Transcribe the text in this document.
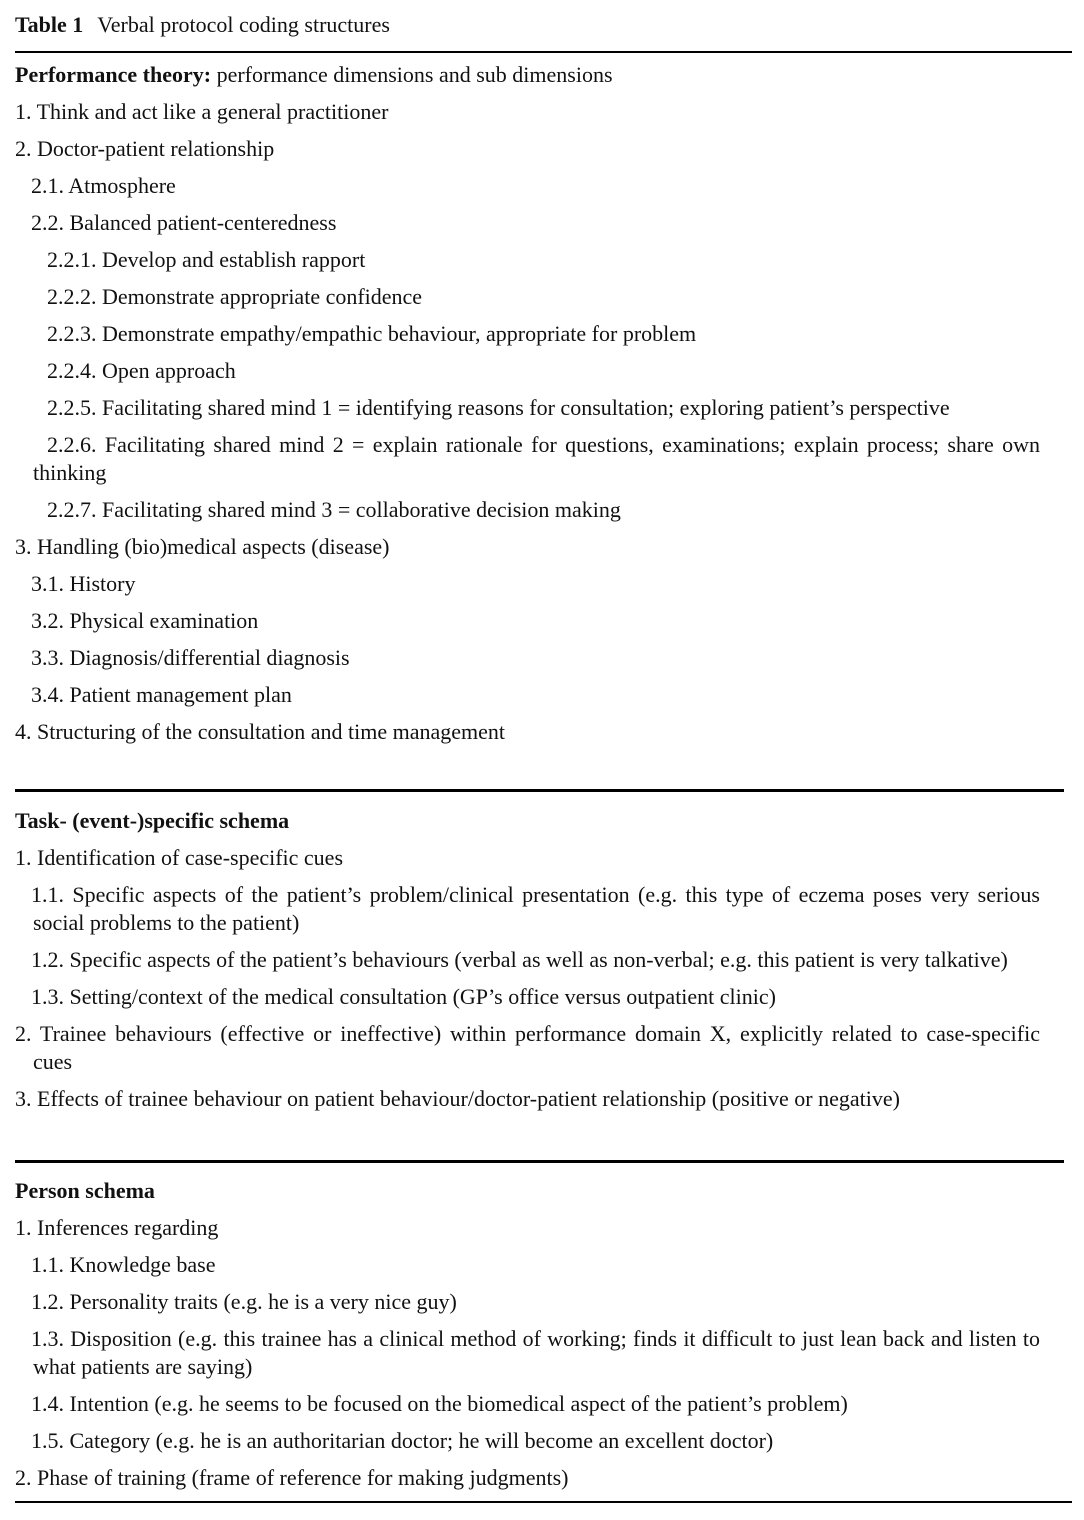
Table 1 Verbal protocol coding structures
Performance theory: performance dimensions and sub dimensions
1. Think and act like a general practitioner
2. Doctor-patient relationship
2.1. Atmosphere
2.2. Balanced patient-centeredness
2.2.1. Develop and establish rapport
2.2.2. Demonstrate appropriate confidence
2.2.3. Demonstrate empathy/empathic behaviour, appropriate for problem
2.2.4. Open approach
2.2.5. Facilitating shared mind 1 = identifying reasons for consultation; exploring patient’s perspective
2.2.6. Facilitating shared mind 2 = explain rationale for questions, examinations; explain process; share own thinking
2.2.7. Facilitating shared mind 3 = collaborative decision making
3. Handling (bio)medical aspects (disease)
3.1. History
3.2. Physical examination
3.3. Diagnosis/differential diagnosis
3.4. Patient management plan
4. Structuring of the consultation and time management
Task- (event-)specific schema
1. Identification of case-specific cues
1.1. Specific aspects of the patient’s problem/clinical presentation (e.g. this type of eczema poses very serious social problems to the patient)
1.2. Specific aspects of the patient’s behaviours (verbal as well as non-verbal; e.g. this patient is very talkative)
1.3. Setting/context of the medical consultation (GP’s office versus outpatient clinic)
2. Trainee behaviours (effective or ineffective) within performance domain X, explicitly related to case-specific cues
3. Effects of trainee behaviour on patient behaviour/doctor-patient relationship (positive or negative)
Person schema
1. Inferences regarding
1.1. Knowledge base
1.2. Personality traits (e.g. he is a very nice guy)
1.3. Disposition (e.g. this trainee has a clinical method of working; finds it difficult to just lean back and listen to what patients are saying)
1.4. Intention (e.g. he seems to be focused on the biomedical aspect of the patient’s problem)
1.5. Category (e.g. he is an authoritarian doctor; he will become an excellent doctor)
2. Phase of training (frame of reference for making judgments)
